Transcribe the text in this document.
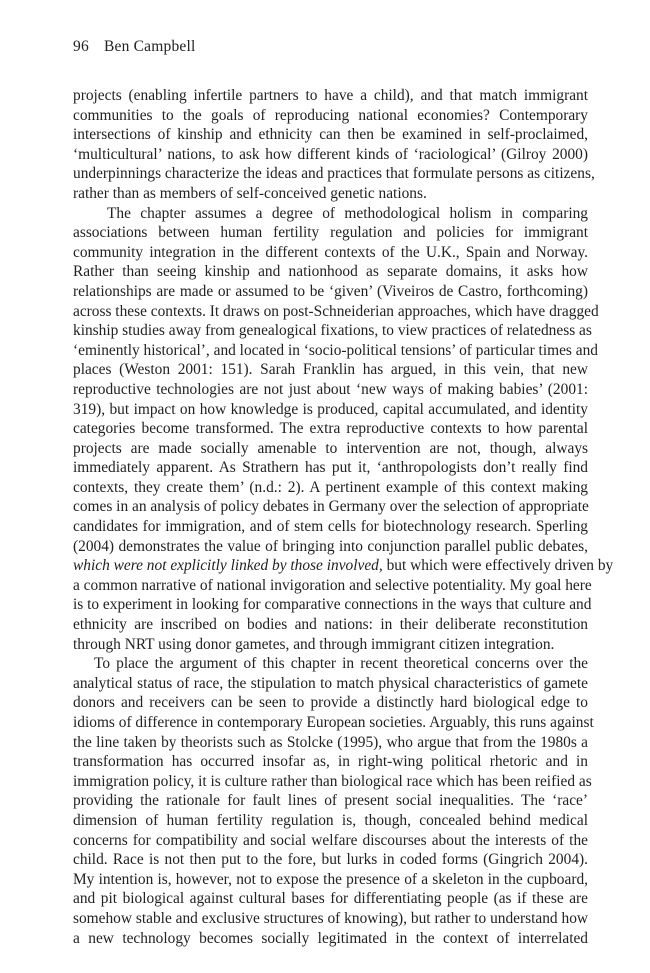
96 Ben Campbell
projects (enabling infertile partners to have a child), and that match immigrant
communities to the goals of reproducing national economies? Contemporary
intersections of kinship and ethnicity can then be examined in self-proclaimed,
‘multicultural’ nations, to ask how different kinds of ‘raciological’ (Gilroy 2000)
underpinnings characterize the ideas and practices that formulate persons as citizens,
rather than as members of self-conceived genetic nations.
The chapter assumes a degree of methodological holism in comparing
associations between human fertility regulation and policies for immigrant
community integration in the different contexts of the U.K., Spain and Norway.
Rather than seeing kinship and nationhood as separate domains, it asks how
relationships are made or assumed to be ‘given’ (Viveiros de Castro, forthcoming)
across these contexts. It draws on post-Schneiderian approaches, which have dragged
kinship studies away from genealogical fixations, to view practices of relatedness as
‘eminently historical’, and located in ‘socio-political tensions’ of particular times and
places (Weston 2001: 151). Sarah Franklin has argued, in this vein, that new
reproductive technologies are not just about ‘new ways of making babies’ (2001:
319), but impact on how knowledge is produced, capital accumulated, and identity
categories become transformed. The extra reproductive contexts to how parental
projects are made socially amenable to intervention are not, though, always
immediately apparent. As Strathern has put it, ‘anthropologists don’t really find
contexts, they create them’ (n.d.: 2). A pertinent example of this context making
comes in an analysis of policy debates in Germany over the selection of appropriate
candidates for immigration, and of stem cells for biotechnology research. Sperling
(2004) demonstrates the value of bringing into conjunction parallel public debates,
which were not explicitly linked by those involved, but which were effectively driven by
a common narrative of national invigoration and selective potentiality. My goal here
is to experiment in looking for comparative connections in the ways that culture and
ethnicity are inscribed on bodies and nations: in their deliberate reconstitution
through NRT using donor gametes, and through immigrant citizen integration.
To place the argument of this chapter in recent theoretical concerns over the
analytical status of race, the stipulation to match physical characteristics of gamete
donors and receivers can be seen to provide a distinctly hard biological edge to
idioms of difference in contemporary European societies. Arguably, this runs against
the line taken by theorists such as Stolcke (1995), who argue that from the 1980s a
transformation has occurred insofar as, in right-wing political rhetoric and in
immigration policy, it is culture rather than biological race which has been reified as
providing the rationale for fault lines of present social inequalities. The ‘race’
dimension of human fertility regulation is, though, concealed behind medical
concerns for compatibility and social welfare discourses about the interests of the
child. Race is not then put to the fore, but lurks in coded forms (Gingrich 2004).
My intention is, however, not to expose the presence of a skeleton in the cupboard,
and pit biological against cultural bases for differentiating people (as if these are
somehow stable and exclusive structures of knowing), but rather to understand how
a new technology becomes socially legitimated in the context of interrelated
